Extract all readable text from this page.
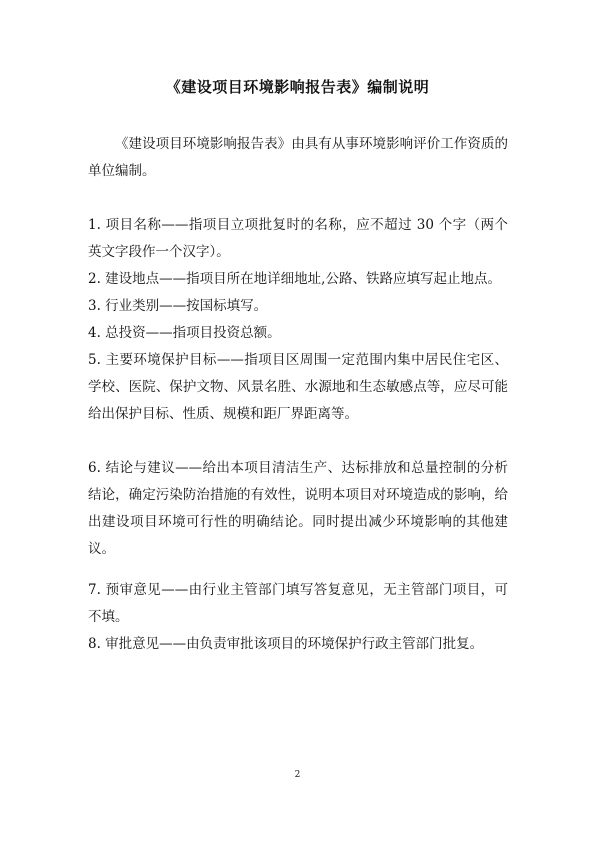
《建设项目环境影响报告表》编制说明

《建设项目环境影响报告表》由具有从事环境影响评价工作资质的单位编制。

1. 项目名称——指项目立项批复时的名称，应不超过 30 个字（两个英文字段作一个汉字）。

2. 建设地点——指项目所在地详细地址,公路、铁路应填写起止地点。

3. 行业类别——按国标填写。

4. 总投资——指项目投资总额。

5. 主要环境保护目标——指项目区周围一定范围内集中居民住宅区、学校、医院、保护文物、风景名胜、水源地和生态敏感点等，应尽可能给出保护目标、性质、规模和距厂界距离等。

6. 结论与建议——给出本项目清洁生产、达标排放和总量控制的分析结论，确定污染防治措施的有效性，说明本项目对环境造成的影响，给出建设项目环境可行性的明确结论。同时提出减少环境影响的其他建议。

7. 预审意见——由行业主管部门填写答复意见，无主管部门项目，可不填。

8. 审批意见——由负责审批该项目的环境保护行政主管部门批复。

2
